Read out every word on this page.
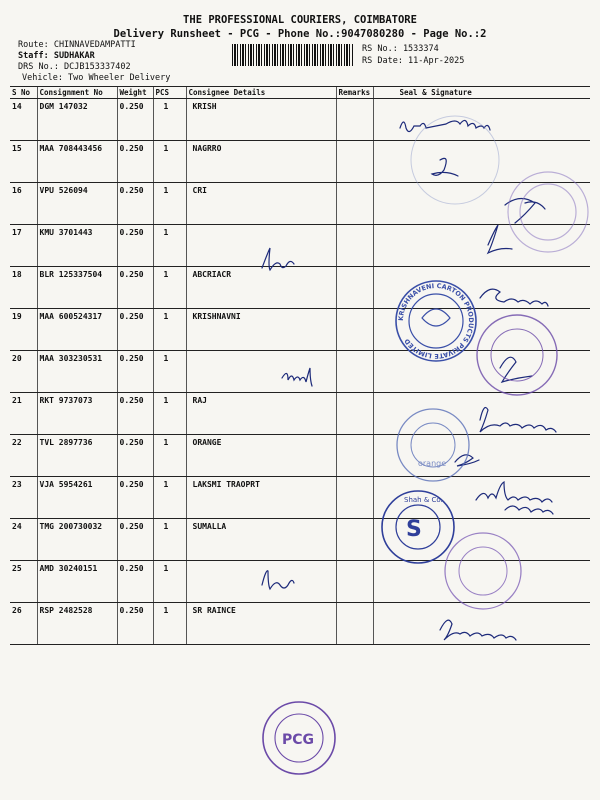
THE PROFESSIONAL COURIERS, COIMBATORE
Delivery Runsheet - PCG - Phone No.:9047080280 - Page No.:2
Route: CHINNAVEDAMPATTI
Staff: SUDHAKAR
DRS No.: DCJB153337402
Vehicle: Two Wheeler Delivery
RS No.: 1533374
RS Date: 11-Apr-2025
S No	Consignment No	Weight	PCS	Consignee Details	Remarks	Seal & Signature
14	DGM 147032	0.250	1	KRISH		
15	MAA 708443456	0.250	1	NAGRRO		
16	VPU 526094	0.250	1	CRI		
17	KMU 3701443	0.250	1			
18	BLR 125337504	0.250	1	ABCRIACR		
19	MAA 600524317	0.250	1	KRISHNAVNI		
20	MAA 303230531	0.250	1			
21	RKT 9737073	0.250	1	RAJ		
22	TVL 2897736	0.250	1	ORANGE		
23	VJA 5954261	0.250	1	LAKSMI TRAOPRT		
24	TMG 200730032	0.250	1	SUMALLA		
25	AMD 30240151	0.250	1			
26	RSP 2482528	0.250	1	SR RAINCE		
KRISHNAVENI CARTON PRODUCTS PRIVATE LIMITED
orange
S
Shah & Co.
PCG
